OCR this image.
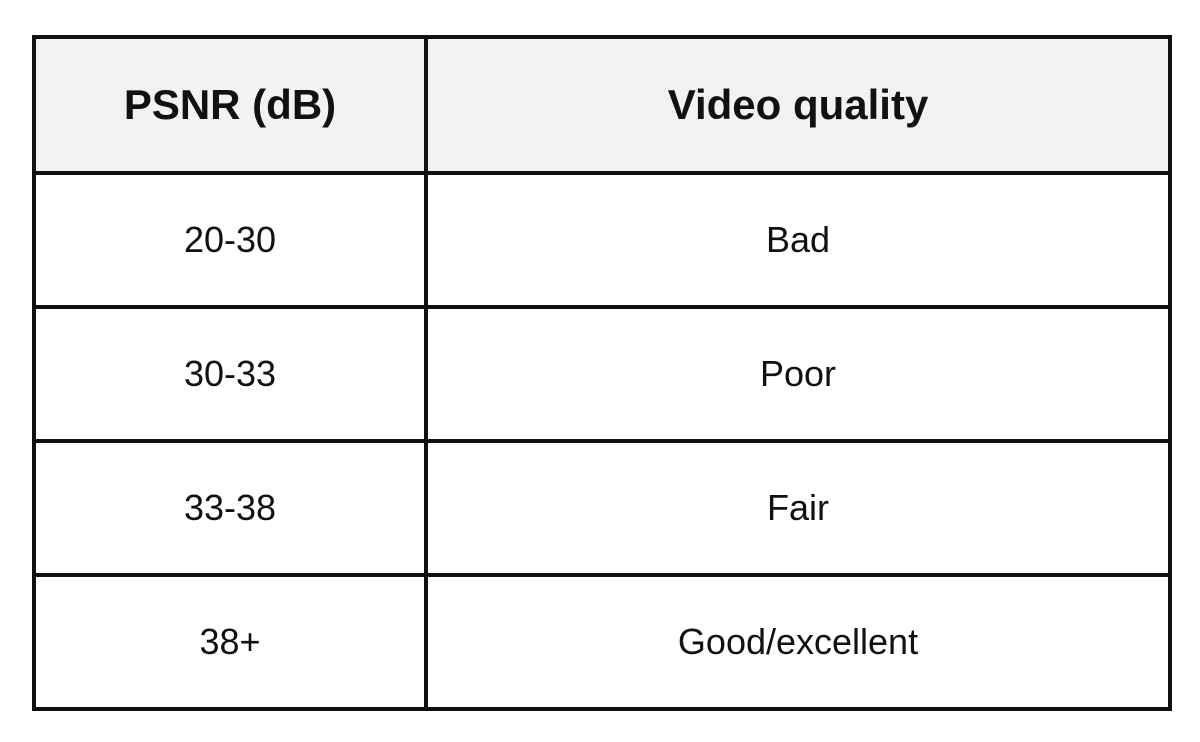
PSNR (dB)	Video quality
20-30	Bad
30-33	Poor
33-38	Fair
38+	Good/excellent
